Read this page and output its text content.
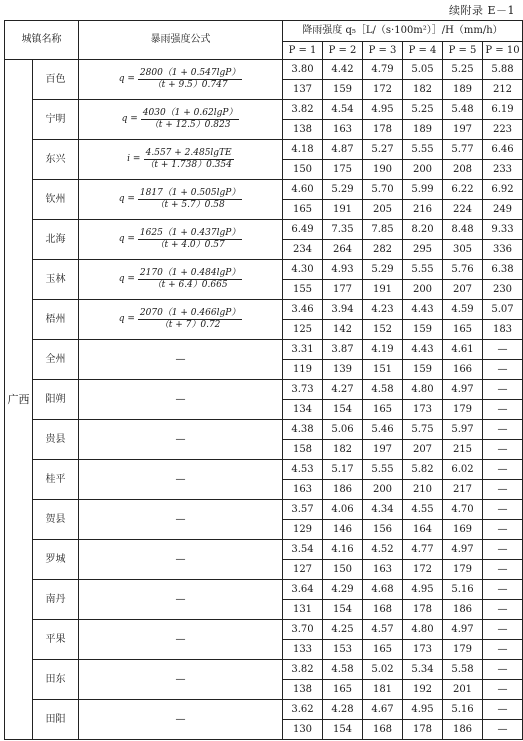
续附录 E－1
城镇名称		暴雨强度公式	降雨强度 q₅［L/（s·100m²）］/H（mm/h）					
			P = 1	P = 2	P = 3	P = 4	P = 5	P = 10
广西	百色	$q = \frac{2800(1 + 0.547\lg P)}{(t + 9.5)0.747}$	3.80	4.42	4.79	5.05	5.25	5.88
			137	159	172	182	189	212
	宁明	$q = \frac{4030(1 + 0.62\lg P)}{(t + 12.5)0.823}$	3.82	4.54	4.95	5.25	5.48	6.19
			138	163	178	189	197	223
	东兴	$i = \frac{\text{4.557 + 2.485lgTE}}{(t + 1.738)0.354}$	4.18	4.87	5.27	5.55	5.77	6.46
			150	175	190	200	208	233
	钦州	$q = \frac{1817(1 + 0.505\lg P)}{(t + 5.7)0.58}$	4.60	5.29	5.70	5.99	6.22	6.92
			165	191	205	216	224	249
	北海	$q = \frac{1625(1 + 0.437\lg P)}{(t + 4.0)0.57}$	6.49	7.35	7.85	8.20	8.48	9.33
			234	264	282	295	305	336
	玉林	$q = \frac{2170(1 + 0.484\lg P)}{(t + 6.4)0.665}$	4.30	4.93	5.29	5.55	5.76	6.38
			155	177	191	200	207	230
	梧州	$q = \frac{2070(1 + 0.466\lg P)}{(t + 7)0.72}$	3.46	3.94	4.23	4.43	4.59	5.07
			125	142	152	159	165	183
	全州	—	3.31	3.87	4.19	4.43	4.61	—
			119	139	151	159	166	—
	阳朔	—	3.73	4.27	4.58	4.80	4.97	—
			134	154	165	173	179	—
	贵县	—	4.38	5.06	5.46	5.75	5.97	—
			158	182	197	207	215	—
	桂平	—	4.53	5.17	5.55	5.82	6.02	—
			163	186	200	210	217	—
	贺县	—	3.57	4.06	4.34	4.55	4.70	—
			129	146	156	164	169	—
	罗城	—	3.54	4.16	4.52	4.77	4.97	—
			127	150	163	172	179	—
	南丹	—	3.64	4.29	4.68	4.95	5.16	—
			131	154	168	178	186	—
	平果	—	3.70	4.25	4.57	4.80	4.97	—
			133	153	165	173	179	—
	田东	—	3.82	4.58	5.02	5.34	5.58	—
			138	165	181	192	201	—
	田阳	—	3.62	4.28	4.67	4.95	5.16	—
			130	154	168	178	186	—
